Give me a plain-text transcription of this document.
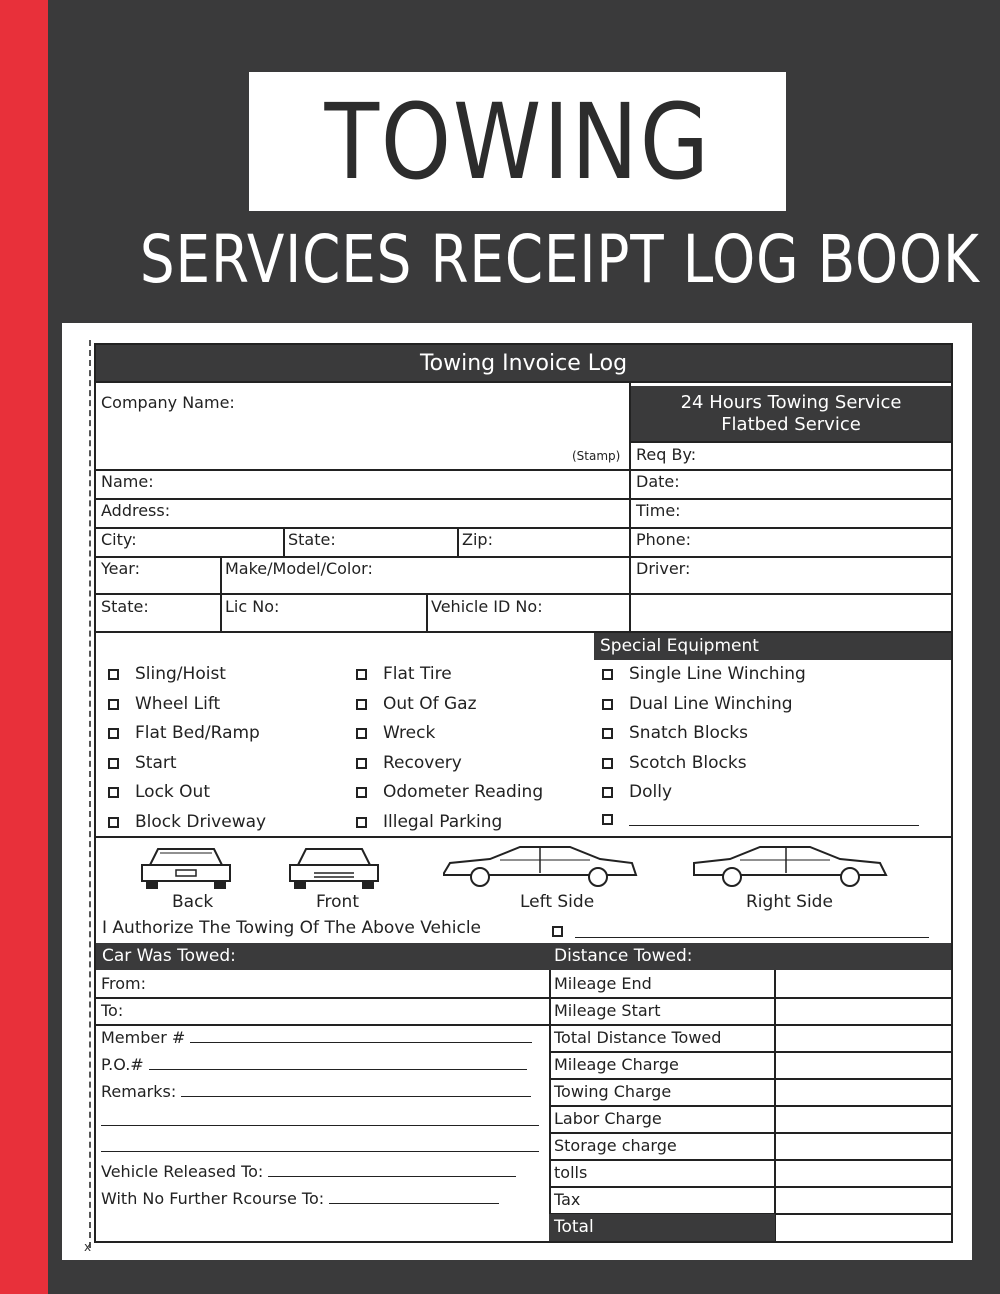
TOWING
SERVICES RECEIPT LOG BOOK
x
Towing Invoice Log
Company Name:
(Stamp)
24 Hours Towing Service
Flatbed Service
Req By:
Name:	Date:
Address:	Time:
City:	State:	Zip:	Phone:
Year:	Make/Model/Color:	Driver:
State:	Lic No:	Vehicle ID No:
Special Equipment
Sling/Hoist
Wheel Lift
Flat Bed/Ramp
Start
Lock Out
Block Driveway
Flat Tire
Out Of Gaz
Wreck
Recovery
Odometer Reading
Illegal Parking
Single Line Winching
Dual Line Winching
Snatch Blocks
Scotch Blocks
Dolly
Back	Front	Left Side	Right Side
I Authorize The Towing Of The Above Vehicle
Car Was Towed:	Distance Towed:
From:
To:
Member #
P.O.#
Remarks:
Vehicle Released To:
With No Further Rcourse To:
Mileage End
Mileage Start
Total Distance Towed
Mileage Charge
Towing Charge
Labor Charge
Storage charge
tolls
Tax
Total
